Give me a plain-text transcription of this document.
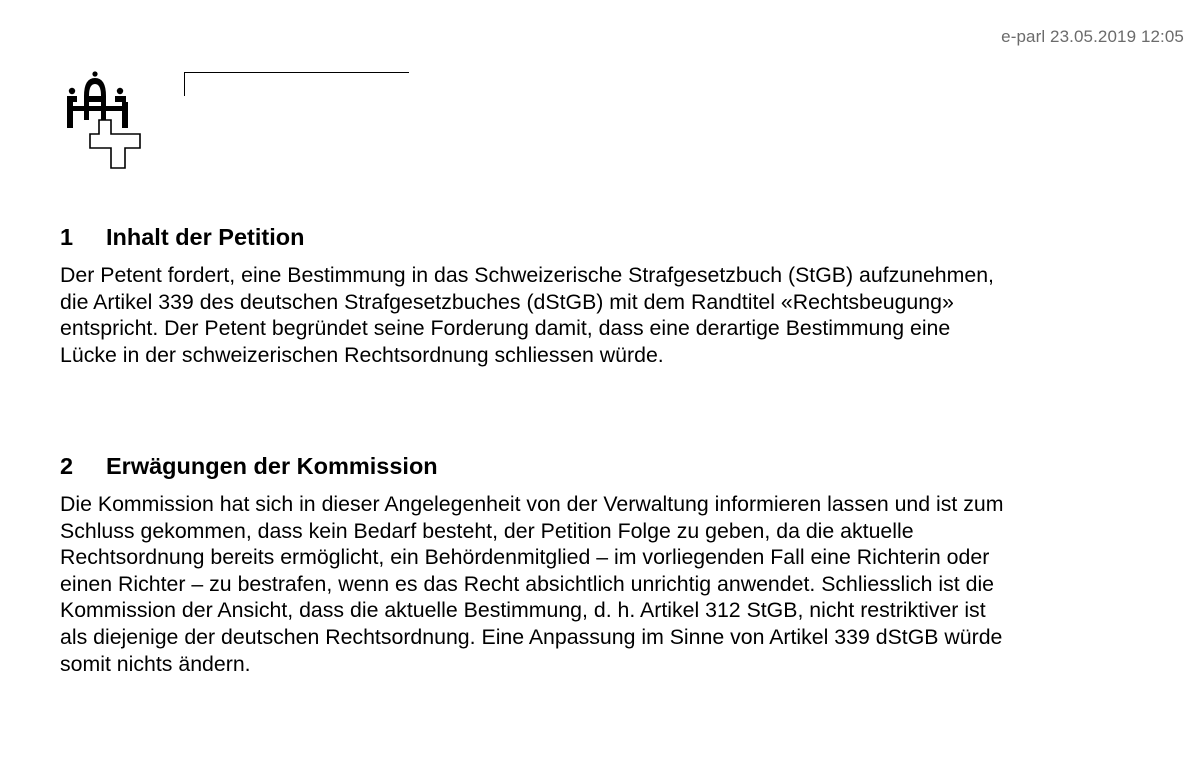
e-parl 23.05.2019 12:05
1	Inhalt der Petition

Der Petent fordert, eine Bestimmung in das Schweizerische Strafgesetzbuch (StGB) aufzunehmen,
die Artikel 339 des deutschen Strafgesetzbuches (dStGB) mit dem Randtitel «Rechtsbeugung»
entspricht. Der Petent begründet seine Forderung damit, dass eine derartige Bestimmung eine
Lücke in der schweizerischen Rechtsordnung schliessen würde.

2	Erwägungen der Kommission

Die Kommission hat sich in dieser Angelegenheit von der Verwaltung informieren lassen und ist zum
Schluss gekommen, dass kein Bedarf besteht, der Petition Folge zu geben, da die aktuelle
Rechtsordnung bereits ermöglicht, ein Behördenmitglied – im vorliegenden Fall eine Richterin oder
einen Richter – zu bestrafen, wenn es das Recht absichtlich unrichtig anwendet. Schliesslich ist die
Kommission der Ansicht, dass die aktuelle Bestimmung, d. h. Artikel 312 StGB, nicht restriktiver ist
als diejenige der deutschen Rechtsordnung. Eine Anpassung im Sinne von Artikel 339 dStGB würde
somit nichts ändern.
